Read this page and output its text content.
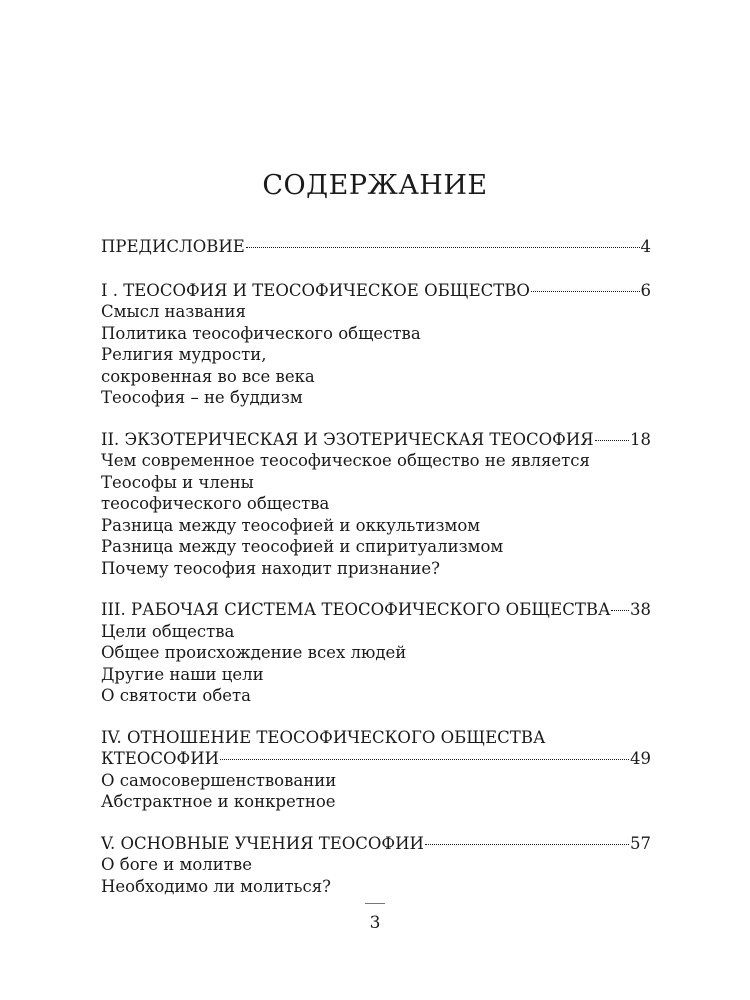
СОДЕРЖАНИЕ
ПРЕДИСЛОВИЕ	4
I . ТЕОСОФИЯ И ТЕОСОФИЧЕСКОЕ ОБЩЕСТВО	6
Смысл названия
Политика теософического общества
Религия мудрости,
сокровенная во все века
Теософия – не буддизм
II. ЭКЗОТЕРИЧЕСКАЯ И ЭЗОТЕРИЧЕСКАЯ ТЕОСОФИЯ 18
Чем современное теософическое общество не является
Теософы и члены
теософического общества
Разница между теософией и оккультизмом
Разница между теософией и спиритуализмом
Почему теософия находит признание?
III. РАБОЧАЯ СИСТЕМА ТЕОСОФИЧЕСКОГО ОБЩЕСТВА 38
Цели общества
Общее происхождение всех людей
Другие наши цели
О святости обета
IV. ОТНОШЕНИЕ ТЕОСОФИЧЕСКОГО ОБЩЕСТВА
КТЕОСОФИИ	49
О самосовершенствовании
Абстрактное и конкретное
V. ОСНОВНЫЕ УЧЕНИЯ ТЕОСОФИИ	57
О боге и молитве
Необходимо ли молиться?
3
